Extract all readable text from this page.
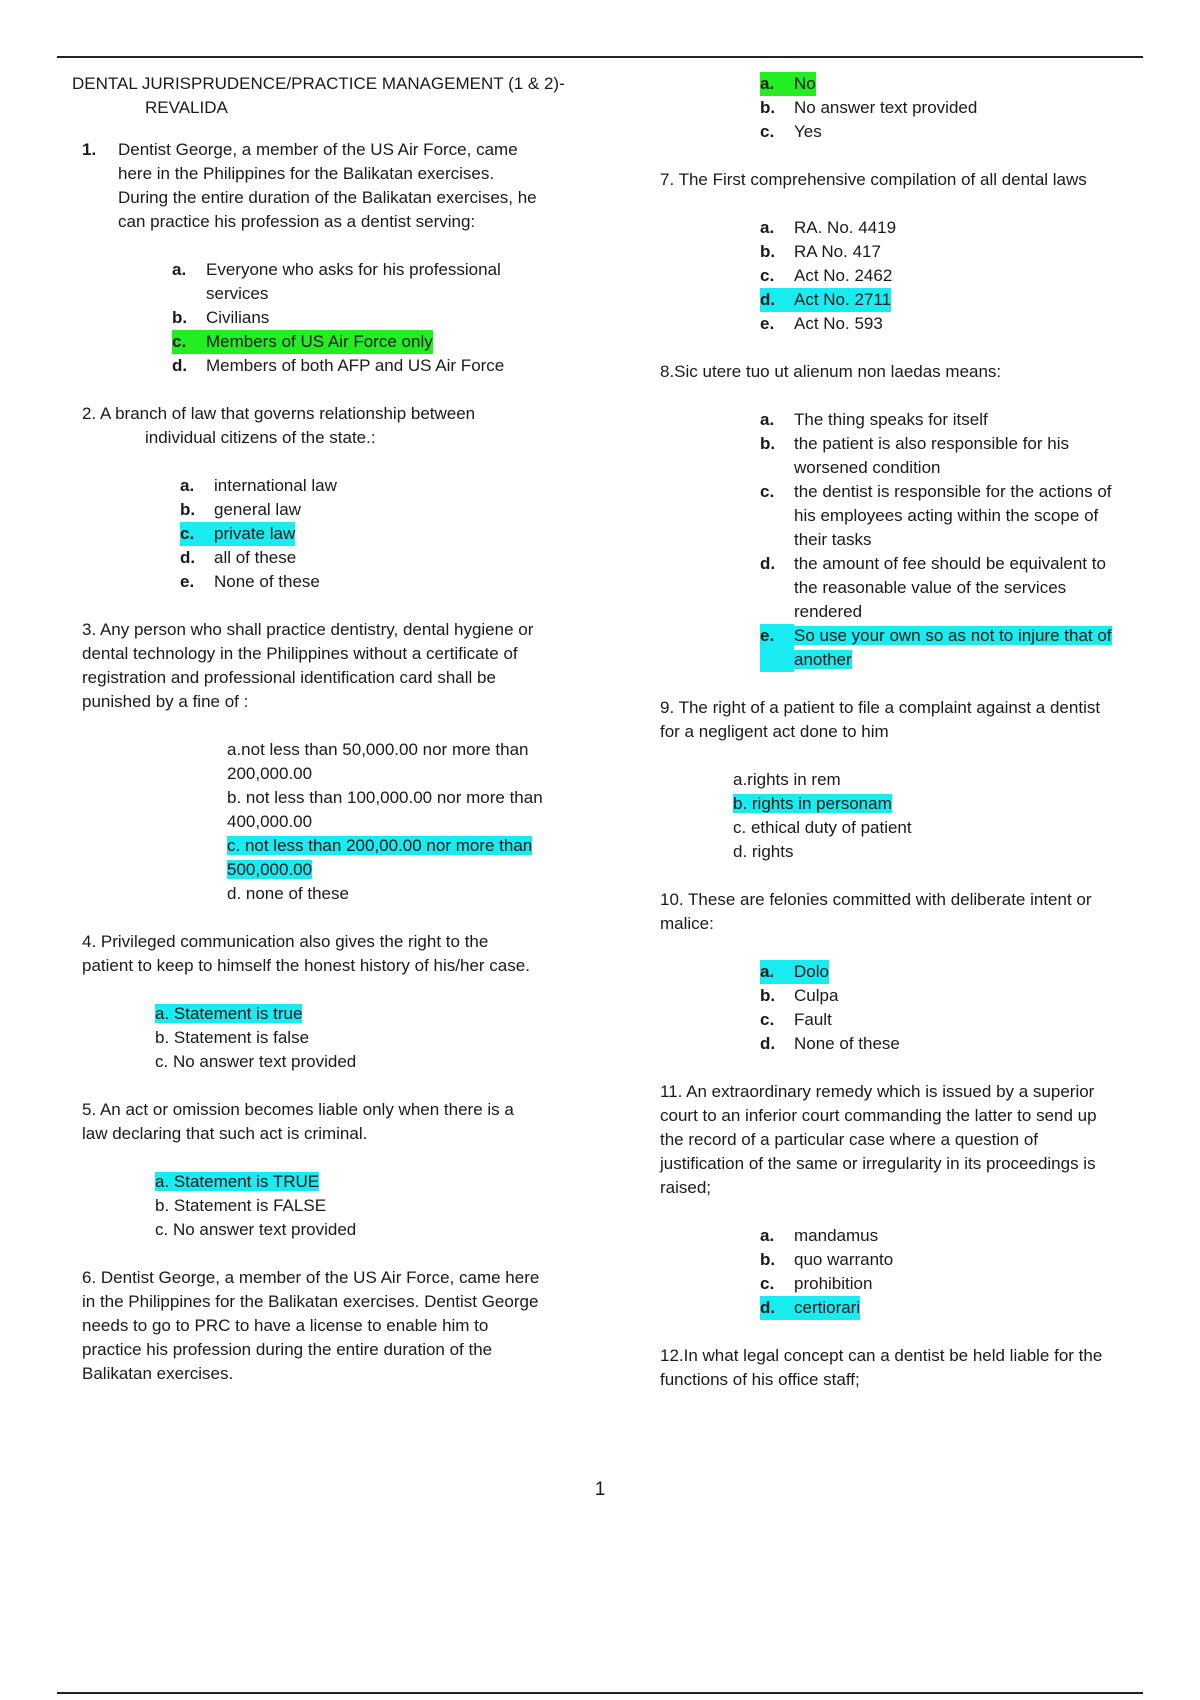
DENTAL JURISPRUDENCE/PRACTICE MANAGEMENT (1 & 2)-
REVALIDA
1.	Dentist George, a member of the US Air Force, came
here in the Philippines for the Balikatan exercises.
During the entire duration of the Balikatan exercises, he
can practice his profession as a dentist serving:
a.	Everyone who asks for his professional
services
b.	Civilians
c.	Members of US Air Force only
d.	Members of both AFP and US Air Force
2. A branch of law that governs relationship between
individual citizens of the state.:
a.	international law
b.	general law
c.	private law
d.	all of these
e.	None of these
3. Any person who shall practice dentistry, dental hygiene or
dental technology in the Philippines without a certificate of
registration and professional identification card shall be
punished by a fine of :
a.not less than 50,000.00 nor more than
200,000.00
b. not less than 100,000.00 nor more than
400,000.00
c. not less than 200,00.00 nor more than
500,000.00
d. none of these
4. Privileged communication also gives the right to the
patient to keep to himself the honest history of his/her case.
a. Statement is true
b. Statement is false
c. No answer text provided
5. An act or omission becomes liable only when there is a
law declaring that such act is criminal.
a. Statement is TRUE
b. Statement is FALSE
c. No answer text provided
6. Dentist George, a member of the US Air Force, came here
in the Philippines for the Balikatan exercises. Dentist George
needs to go to PRC to have a license to enable him to
practice his profession during the entire duration of the
Balikatan exercises.
a.	No
b.	No answer text provided
c.	Yes
7. The First comprehensive compilation of all dental laws
a.	RA. No. 4419
b.	RA No. 417
c.	Act No. 2462
d.	Act No. 2711
e.	Act No. 593
8.Sic utere tuo ut alienum non laedas means:
a.	The thing speaks for itself
b.	the patient is also responsible for his
worsened condition
c.	the dentist is responsible for the actions of
his employees acting within the scope of
their tasks
d.	the amount of fee should be equivalent to
the reasonable value of the services
rendered
e.	So use your own so as not to injure that of
another
9. The right of a patient to file a complaint against a dentist
for a negligent act done to him
a.rights in rem
b. rights in personam
c. ethical duty of patient
d. rights
10. These are felonies committed with deliberate intent or
malice:
a.	Dolo
b.	Culpa
c.	Fault
d.	None of these
11. An extraordinary remedy which is issued by a superior
court to an inferior court commanding the latter to send up
the record of a particular case where a question of
justification of the same or irregularity in its proceedings is
raised;
a.	mandamus
b.	quo warranto
c.	prohibition
d.	certiorari
12.In what legal concept can a dentist be held liable for the
functions of his office staff;
1
